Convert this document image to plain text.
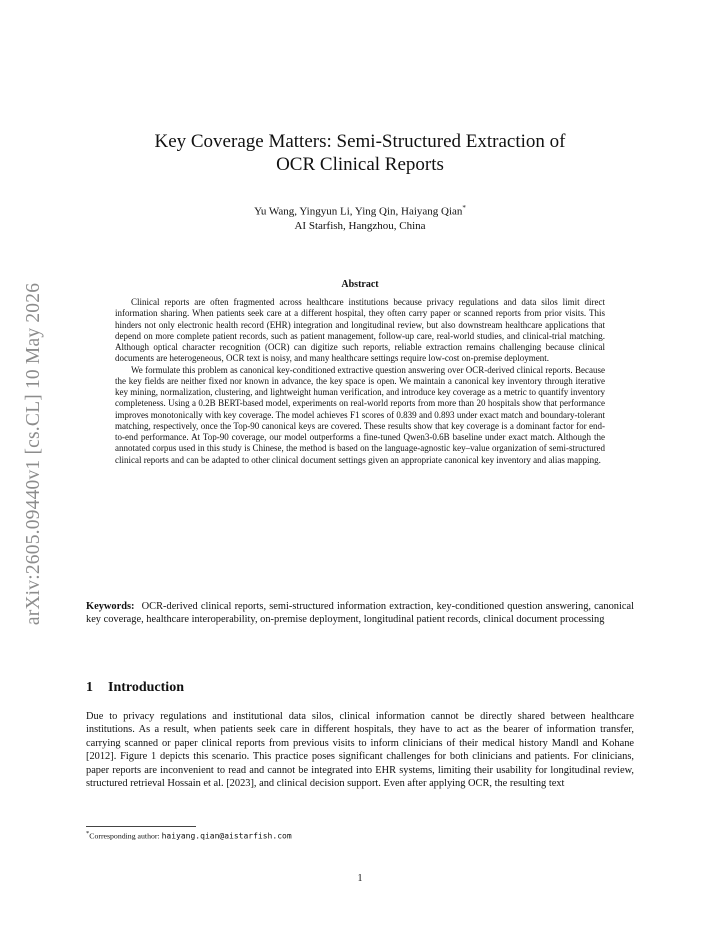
arXiv:2605.09440v1 [cs.CL] 10 May 2026
Key Coverage Matters: Semi-Structured Extraction of
OCR Clinical Reports
Yu Wang, Yingyun Li, Ying Qin, Haiyang Qian*
AI Starfish, Hangzhou, China
Abstract

Clinical reports are often fragmented across healthcare institutions because privacy regulations and data silos limit direct information sharing. When patients seek care at a different hospital, they often carry paper or scanned reports from prior visits. This hinders not only electronic health record (EHR) integration and longitudinal review, but also downstream healthcare applications that depend on more complete patient records, such as patient management, follow-up care, real-world studies, and clinical-trial matching. Although optical character recognition (OCR) can digitize such reports, reliable extraction remains challenging because clinical documents are heterogeneous, OCR text is noisy, and many healthcare settings require low-cost on-premise deployment.

We formulate this problem as canonical key-conditioned extractive question answering over OCR-derived clinical reports. Because the key fields are neither fixed nor known in advance, the key space is open. We maintain a canonical key inventory through iterative key mining, normalization, clustering, and lightweight human verification, and introduce key coverage as a metric to quantify inventory completeness. Using a 0.2B BERT-based model, experiments on real-world reports from more than 20 hospitals show that performance improves monotonically with key coverage. The model achieves F1 scores of 0.839 and 0.893 under exact match and boundary-tolerant matching, respectively, once the Top-90 canonical keys are covered. These results show that key coverage is a dominant factor for end-to-end performance. At Top-90 coverage, our model outperforms a fine-tuned Qwen3-0.6B baseline under exact match. Although the annotated corpus used in this study is Chinese, the method is based on the language-agnostic key–value organization of semi-structured clinical reports and can be adapted to other clinical document settings given an appropriate canonical key inventory and alias mapping.

Keywords: OCR-derived clinical reports, semi-structured information extraction, key-conditioned question answering, canonical key coverage, healthcare interoperability, on-premise deployment, longitudinal patient records, clinical document processing
1 Introduction

Due to privacy regulations and institutional data silos, clinical information cannot be directly shared between healthcare institutions. As a result, when patients seek care in different hospitals, they have to act as the bearer of information transfer, carrying scanned or paper clinical reports from previous visits to inform clinicians of their medical history Mandl and Kohane [2012]. Figure 1 depicts this scenario. This practice poses significant challenges for both clinicians and patients. For clinicians, paper reports are inconvenient to read and cannot be integrated into EHR systems, limiting their usability for longitudinal review, structured retrieval Hossain et al. [2023], and clinical decision support. Even after applying OCR, the resulting text

*Corresponding author: haiyang.qian@aistarfish.com
1
